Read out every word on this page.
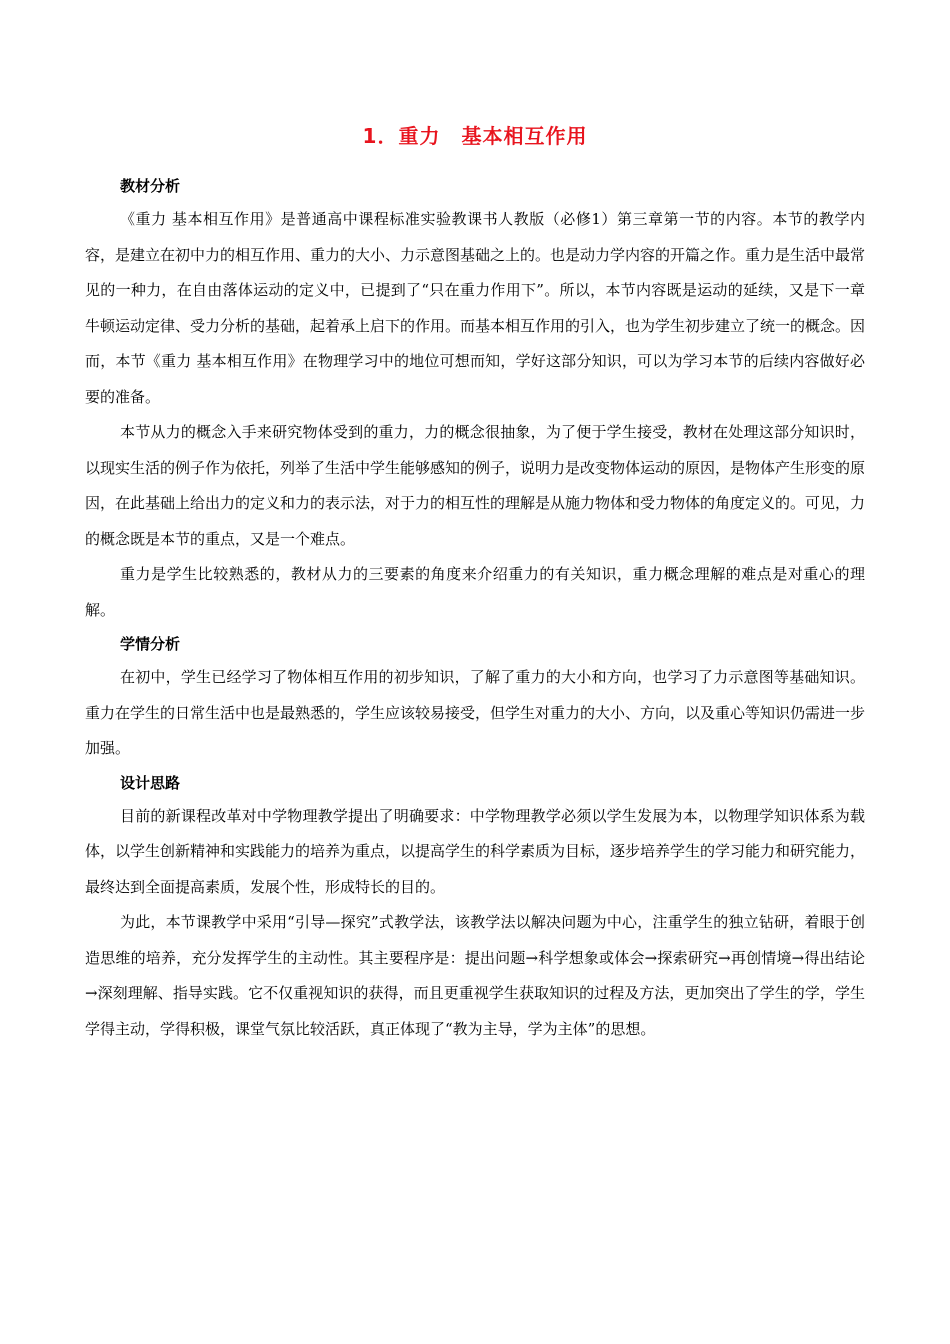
1．重力　基本相互作用
教材分析

《重力 基本相互作用》是普通高中课程标准实验教课书人教版（必修1）第三章第一节的内容。本节的教学内容，是建立在初中力的相互作用、重力的大小、力示意图基础之上的。也是动力学内容的开篇之作。重力是生活中最常见的一种力，在自由落体运动的定义中，已提到了“只在重力作用下”。所以，本节内容既是运动的延续，又是下一章牛顿运动定律、受力分析的基础，起着承上启下的作用。而基本相互作用的引入，也为学生初步建立了统一的概念。因而，本节《重力 基本相互作用》在物理学习中的地位可想而知，学好这部分知识，可以为学习本节的后续内容做好必要的准备。

本节从力的概念入手来研究物体受到的重力，力的概念很抽象，为了便于学生接受，教材在处理这部分知识时，以现实生活的例子作为依托，列举了生活中学生能够感知的例子，说明力是改变物体运动的原因，是物体产生形变的原因，在此基础上给出力的定义和力的表示法，对于力的相互性的理解是从施力物体和受力物体的角度定义的。可见，力的概念既是本节的重点，又是一个难点。

重力是学生比较熟悉的，教材从力的三要素的角度来介绍重力的有关知识，重力概念理解的难点是对重心的理解。

学情分析

在初中，学生已经学习了物体相互作用的初步知识，了解了重力的大小和方向，也学习了力示意图等基础知识。重力在学生的日常生活中也是最熟悉的，学生应该较易接受，但学生对重力的大小、方向，以及重心等知识仍需进一步加强。

设计思路

目前的新课程改革对中学物理教学提出了明确要求：中学物理教学必须以学生发展为本，以物理学知识体系为载体，以学生创新精神和实践能力的培养为重点，以提高学生的科学素质为目标，逐步培养学生的学习能力和研究能力，最终达到全面提高素质，发展个性，形成特长的目的。

为此，本节课教学中采用“引导—探究”式教学法，该教学法以解决问题为中心，注重学生的独立钻研，着眼于创造思维的培养，充分发挥学生的主动性。其主要程序是：提出问题→科学想象或体会→探索研究→再创情境→得出结论→深刻理解、指导实践。它不仅重视知识的获得，而且更重视学生获取知识的过程及方法，更加突出了学生的学，学生学得主动，学得积极，课堂气氛比较活跃，真正体现了“教为主导，学为主体”的思想。
